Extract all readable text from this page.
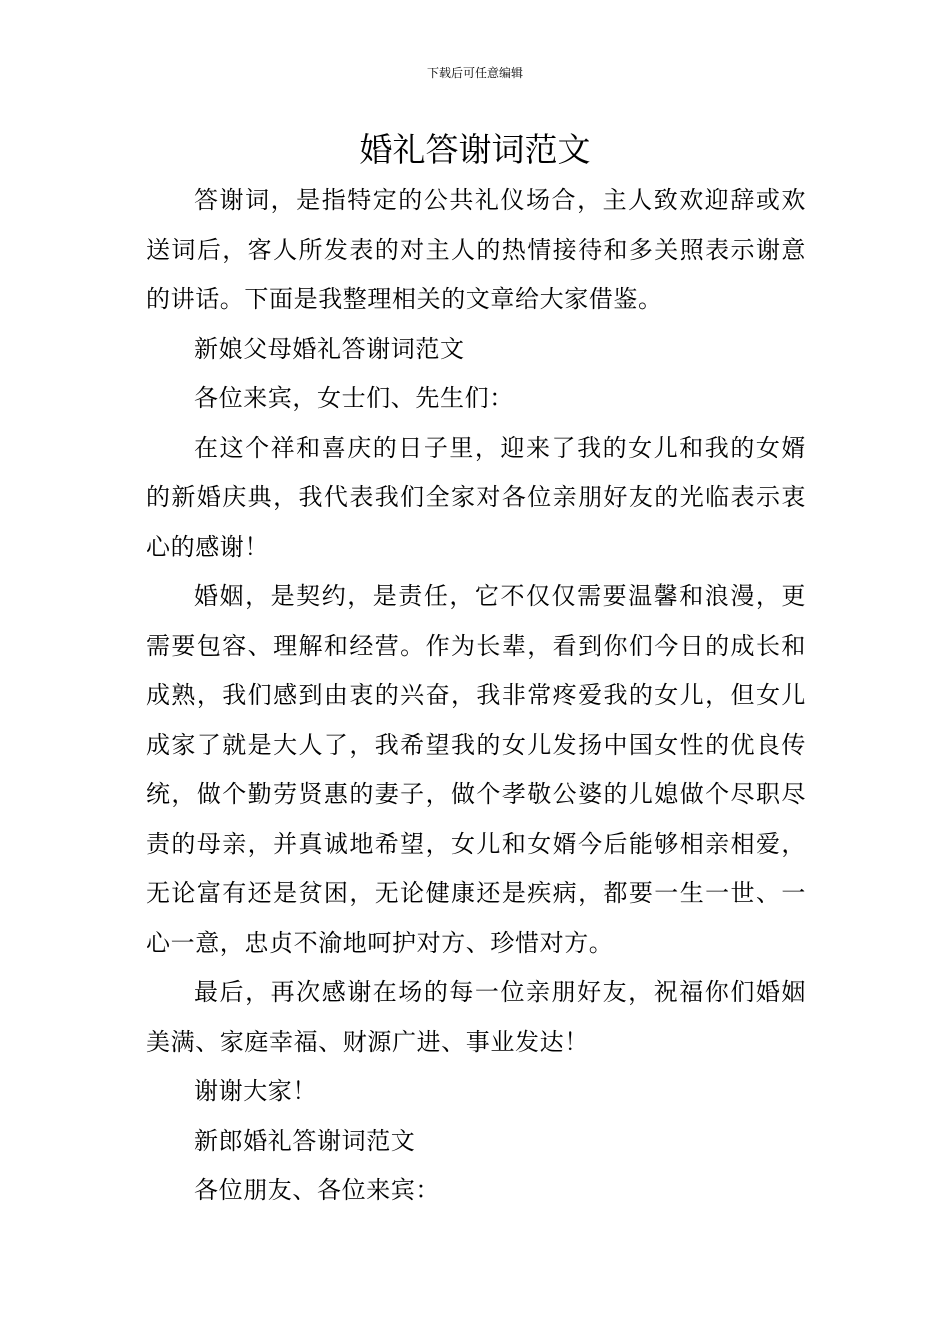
下载后可任意编辑
婚礼答谢词范文

答谢词，是指特定的公共礼仪场合，主人致欢迎辞或欢送词后，客人所发表的对主人的热情接待和多关照表示谢意的讲话。下面是我整理相关的文章给大家借鉴。

新娘父母婚礼答谢词范文

各位来宾，女士们、先生们：

在这个祥和喜庆的日子里，迎来了我的女儿和我的女婿的新婚庆典，我代表我们全家对各位亲朋好友的光临表示衷心的感谢！

婚姻，是契约，是责任，它不仅仅需要温馨和浪漫，更需要包容、理解和经营。作为长辈，看到你们今日的成长和成熟，我们感到由衷的兴奋，我非常疼爱我的女儿，但女儿成家了就是大人了，我希望我的女儿发扬中国女性的优良传统，做个勤劳贤惠的妻子，做个孝敬公婆的儿媳做个尽职尽责的母亲，并真诚地希望，女儿和女婿今后能够相亲相爱，无论富有还是贫困，无论健康还是疾病，都要一生一世、一心一意，忠贞不渝地呵护对方、珍惜对方。

最后，再次感谢在场的每一位亲朋好友，祝福你们婚姻美满、家庭幸福、财源广进、事业发达！

谢谢大家！

新郎婚礼答谢词范文

各位朋友、各位来宾：
